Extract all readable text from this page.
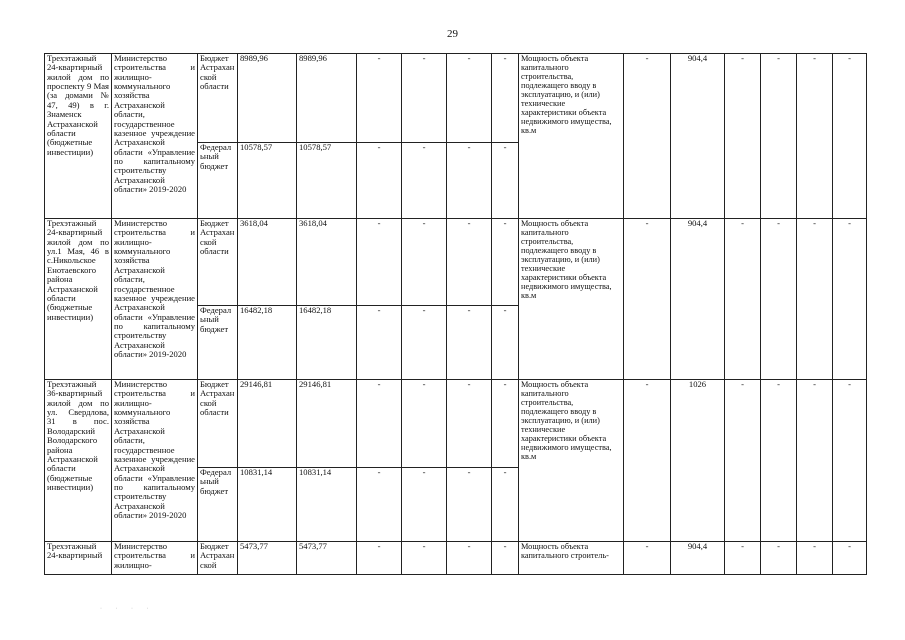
29
Трехэтажный 24-квартирный жилой дом по проспекту 9 Мая (за домами № 47, 49) в г. Знаменск Астраханской области (бюджетные инвестиции)	Министерство строительства и жилищно-коммунального хозяйства Астраханской области, государственное казенное учреждение Астраханской области «Управление по капитальному строительству Астраханской области» 2019-2020	Бюджет Астраханской области	8989,96	8989,96	-	-	-	-	Мощность объекта капитального строительства, подлежащего вводу в эксплуатацию, и (или) технические характеристики объекта недвижимого имущества, кв.м	-	904,4	-	-	-	-
		Федеральный бюджет	10578,57	10578,57	-	-	-	-							
Трехэтажный 24-квартирный жилой дом по ул.1 Мая, 46 в с.Никольское Енотаевского района Астраханской области (бюджетные инвестиции)	Министерство строительства и жилищно-коммунального хозяйства Астраханской области, государственное казенное учреждение Астраханской области «Управление по капитальному строительству Астраханской области» 2019-2020	Бюджет Астраханской области	3618,04	3618,04	-	-	-	-	Мощность объекта капитального строительства, подлежащего вводу в эксплуатацию, и (или) технические характеристики объекта недвижимого имущества, кв.м	-	904,4	-	-	-	-
		Федеральный бюджет	16482,18	16482,18	-	-	-	-							
Трехэтажный 36-квартирный жилой дом по ул. Свердлова, 31 в пос. Володарский Володарского района Астраханской области (бюджетные инвестиции)	Министерство строительства и жилищно-коммунального хозяйства Астраханской области, государственное казенное учреждение Астраханской области «Управление по капитальному строительству Астраханской области» 2019-2020	Бюджет Астраханской области	29146,81	29146,81	-	-	-	-	Мощность объекта капитального строительства, подлежащего вводу в эксплуатацию, и (или) технические характеристики объекта недвижимого имущества, кв.м	-	1026	-	-	-	-
		Федеральный бюджет	10831,14	10831,14	-	-	-	-							
Трехэтажный 24-квартирный	Министерство строительства и жилищно-	Бюджет Астраханской	5473,77	5473,77	-	-	-	-	Мощность объекта капитального строитель-	-	904,4	-	-	-	-
· · · ·
